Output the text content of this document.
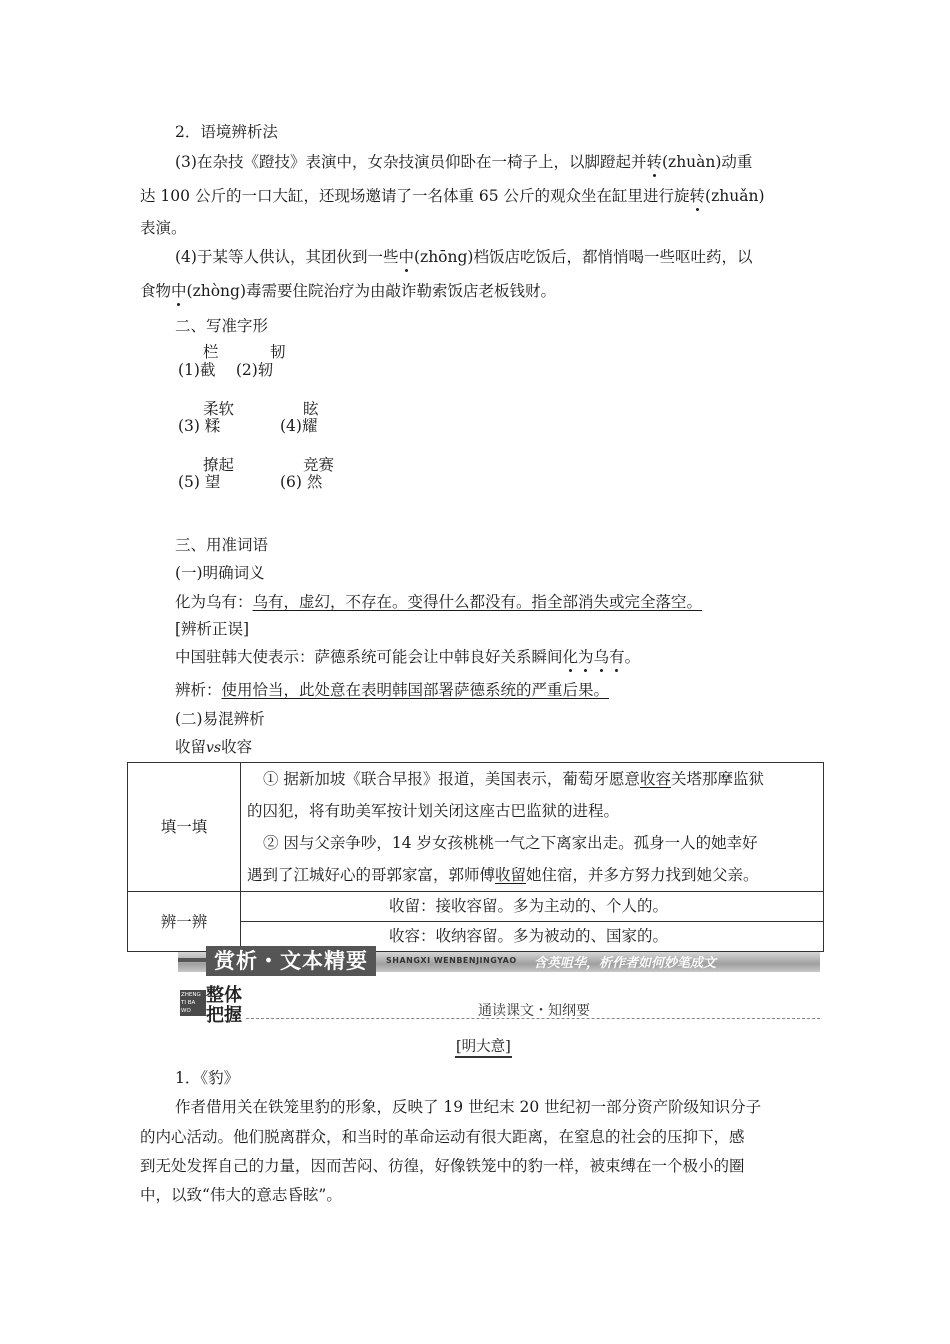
2．语境辨析法
(3)在杂技《蹬技》表演中，女杂技演员仰卧在一椅子上，以脚蹬起并转(zhuàn)动重
达 100 公斤的一口大缸，还现场邀请了一名体重 65 公斤的观众坐在缸里进行旋转(zhuǎn)
表演。
(4)于某等人供认，其团伙到一些中(zhōng)档饭店吃饭后，都悄悄喝一些呕吐药，以
食物中(zhòng)毒需要住院治疗为由敲诈勒索饭店老板钱财。
二、写准字形
栏	韧
(1)截　 (2)轫
柔软	眩
(3) 糅	(4)耀
撩起	竞赛
(5) 望	(6) 然
三、用准词语
(一)明确词义
化为乌有：乌有，虚幻，不存在。变得什么都没有。指全部消失或完全落空。
[辨析正误]
中国驻韩大使表示：萨德系统可能会让中韩良好关系瞬间化为乌有。
辨析：使用恰当，此处意在表明韩国部署萨德系统的严重后果。
(二)易混辨析
收留vs收容
填一填	① 据新加坡《联合早报》报道，美国表示，葡萄牙愿意收容关塔那摩监狱

的囚犯，将有助美军按计划关闭这座古巴监狱的进程。

② 因与父亲争吵，14 岁女孩桃桃一气之下离家出走。孤身一人的她幸好

遇到了江城好心的哥郭家富，郭师傅收留她住宿，并多方努力找到她父亲。

辨一辨	收留：接收容留。多为主动的、个人的。

	收容：收纳容留。多为被动的、国家的。

赏析・文本精要	SHANGXI WENBENJINGYAO 含英咀华，析作者如何妙笔成文
ZHENG TI BA WO
整体把握	通读课文・知纲要
[明大意]
1．《豹》
作者借用关在铁笼里豹的形象，反映了 19 世纪末 20 世纪初一部分资产阶级知识分子
的内心活动。他们脱离群众，和当时的革命运动有很大距离，在窒息的社会的压抑下，感
到无处发挥自己的力量，因而苦闷、彷徨，好像铁笼中的豹一样，被束缚在一个极小的圈
中，以致“伟大的意志昏眩”。
